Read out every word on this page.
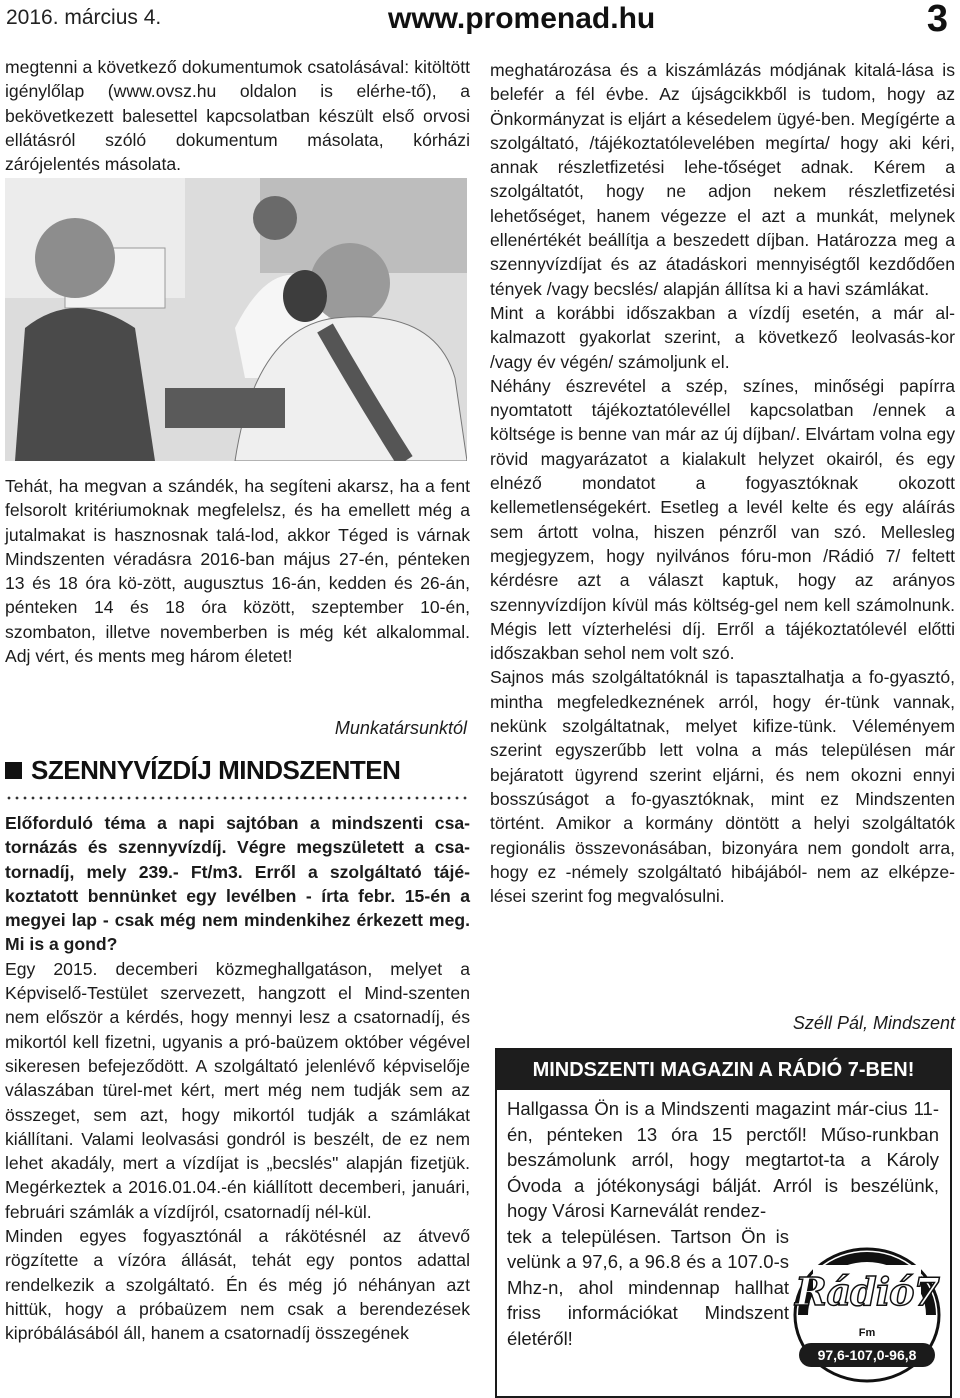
2016. március 4.	www.promenad.hu	3

megtenni a következő dokumentumok csatolásával: kitöltött igénylőlap (www.ovsz.hu oldalon is elérhe-tő), a bekövetkezett balesettel kapcsolatban készült első orvosi ellátásról szóló dokumentum másolata, kórházi zárójelentés másolata.

Tehát, ha megvan a szándék, ha segíteni akarsz, ha a fent felsorolt kritériumoknak megfelelsz, és ha emellett még a jutalmakat is hasznosnak talá-lod, akkor Téged is várnak Mindszenten véradásra 2016-ban május 27-én, pénteken 13 és 18 óra kö-zött, augusztus 16-án, kedden és 26-án, pénteken 14 és 18 óra között, szeptember 10-én, szombaton, illetve novemberben is még két alkalommal. Adj vért, és ments meg három életet!

Munkatársunktól
SZENNYVÍZDÍJ MINDSZENTEN

Előforduló téma a napi sajtóban a mindszenti csa-tornázás és szennyvízdíj. Végre megszületett a csa-tornadíj, mely 239.- Ft/m3. Erről a szolgáltató tájé-koztatott bennünket egy levélben - írta febr. 15-én a megyei lap - csak még nem mindenkihez érkezett meg. Mi is a gond?

Egy 2015. decemberi közmeghallgatáson, melyet a Képviselő-Testület szervezett, hangzott el Mind-szenten nem először a kérdés, hogy mennyi lesz a csatornadíj, és mikortól kell fizetni, ugyanis a pró-baüzem október végével sikeresen befejeződött. A szolgáltató jelenlévő képviselője válaszában türel-met kért, mert még nem tudják sem az összeget, sem azt, hogy mikortól tudják a számlákat kiállítani. Valami leolvasási gondról is beszélt, de ez nem lehet akadály, mert a vízdíjat is „becslés" alapján fizetjük. Megérkeztek a 2016.01.04.-én kiállított decemberi, januári, februári számlák a vízdíjról, csatornadíj nél-kül.

Minden egyes fogyasztónál a rákötésnél az átvevő rögzítette a vízóra állását, tehát egy pontos adattal rendelkezik a szolgáltató. Én és még jó néhányan azt hittük, hogy a próbaüzem nem csak a berendezések kipróbálásából áll, hanem a csatornadíj összegének

meghatározása és a kiszámlázás módjának kitalá-lása is belefér a fél évbe. Az újságcikkből is tudom, hogy az Önkormányzat is eljárt a késedelem ügyé-ben. Megígérte a szolgáltató, /tájékoztatólevelében megírta/ hogy aki kéri, annak részletfizetési lehe-tőséget adnak. Kérem a szolgáltatót, hogy ne adjon nekem részletfizetési lehetőséget, hanem végezze el azt a munkát, melynek ellenértékét beállítja a beszedett díjban. Határozza meg a szennyvízdíjat és az átadáskori mennyiségtől kezdődően tények /vagy becslés/ alapján állítsa ki a havi számlákat.

Mint a korábbi időszakban a vízdíj esetén, a már al-kalmazott gyakorlat szerint, a következő leolvasás-kor /vagy év végén/ számoljunk el.

Néhány észrevétel a szép, színes, minőségi papírra nyomtatott tájékoztatólevéllel kapcsolatban /ennek a költsége is benne van már az új díjban/. Elvártam volna egy rövid magyarázatot a kialakult helyzet okairól, és egy elnéző mondatot a fogyasztóknak okozott kellemetlenségekért. Esetleg a levél kelte és egy aláírás sem ártott volna, hiszen pénzről van szó. Mellesleg megjegyzem, hogy nyilvános fóru-mon /Rádió 7/ feltett kérdésre azt a választ kaptuk, hogy az arányos szennyvízdíjon kívül más költség-gel nem kell számolnunk. Mégis lett vízterhelési díj. Erről a tájékoztatólevél előtti időszakban sehol nem volt szó.

Sajnos más szolgáltatóknál is tapasztalhatja a fo-gyasztó, mintha megfeledkeznének arról, hogy ér-tünk vannak, nekünk szolgáltatnak, melyet kifize-tünk. Véleményem szerint egyszerűbb lett volna a más településen már bejáratott ügyrend szerint eljárni, és nem okozni ennyi bosszúságot a fo-gyasztóknak, mint ez Mindszenten történt. Amikor a kormány döntött a helyi szolgáltatók regionális összevonásában, bizonyára nem gondolt arra, hogy ez -némely szolgáltató hibájából- nem az elképze-lései szerint fog megvalósulni.

Széll Pál, Mindszent
MINDSZENTI MAGAZIN A RÁDIÓ 7-BEN!

Hallgassa Ön is a Mindszenti magazint már-cius 11-én, pénteken 13 óra 15 perctől! Műso-runkban beszámolunk arról, hogy megtartot-ta a Károly Óvoda a jótékonysági bálját. Arról is beszélünk, hogy Városi Karneválát rendez-

tek a településen. Tartson Ön is velünk a 97,6, a 96.8 és a 107.0-s Mhz-n, ahol mindennap hallhat friss információkat Mindszent életéről!

Rádió7
Fm
97,6-107,0-96,8
